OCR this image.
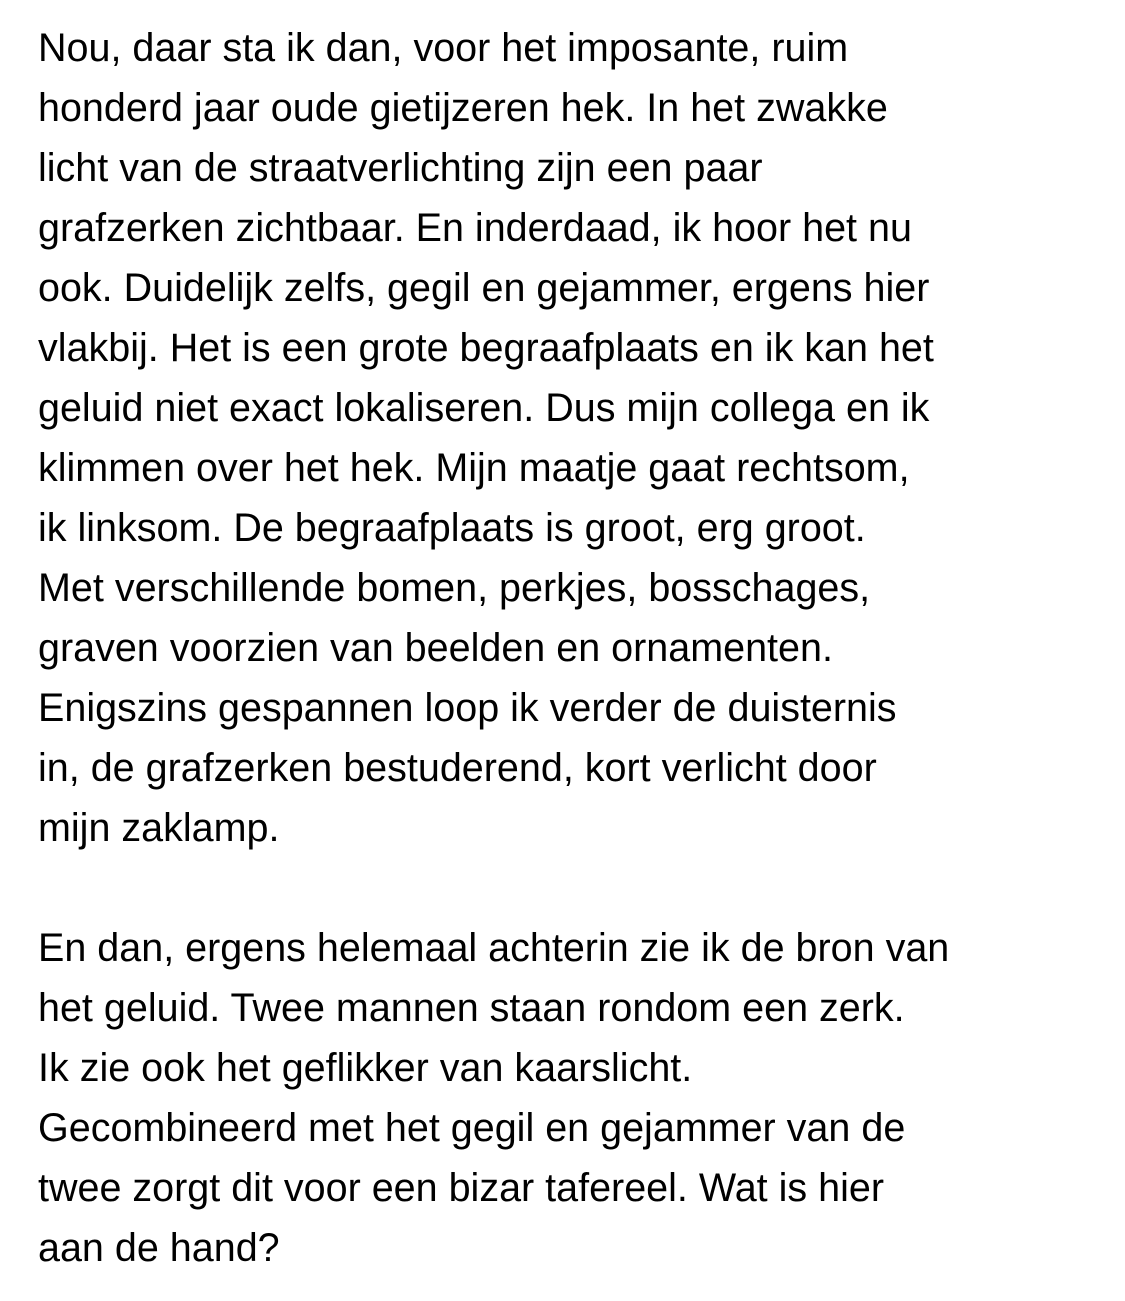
Nou, daar sta ik dan, voor het imposante, ruim
honderd jaar oude gietijzeren hek. In het zwakke
licht van de straatverlichting zijn een paar
grafzerken zichtbaar. En inderdaad, ik hoor het nu
ook. Duidelijk zelfs, gegil en gejammer, ergens hier
vlakbij. Het is een grote begraafplaats en ik kan het
geluid niet exact lokaliseren. Dus mijn collega en ik
klimmen over het hek. Mijn maatje gaat rechtsom,
ik linksom. De begraafplaats is groot, erg groot.
Met verschillende bomen, perkjes, bosschages,
graven voorzien van beelden en ornamenten.
Enigszins gespannen loop ik verder de duisternis
in, de grafzerken bestuderend, kort verlicht door
mijn zaklamp.
En dan, ergens helemaal achterin zie ik de bron van
het geluid. Twee mannen staan rondom een zerk.
Ik zie ook het geflikker van kaarslicht.
Gecombineerd met het gegil en gejammer van de
twee zorgt dit voor een bizar tafereel. Wat is hier
aan de hand?
